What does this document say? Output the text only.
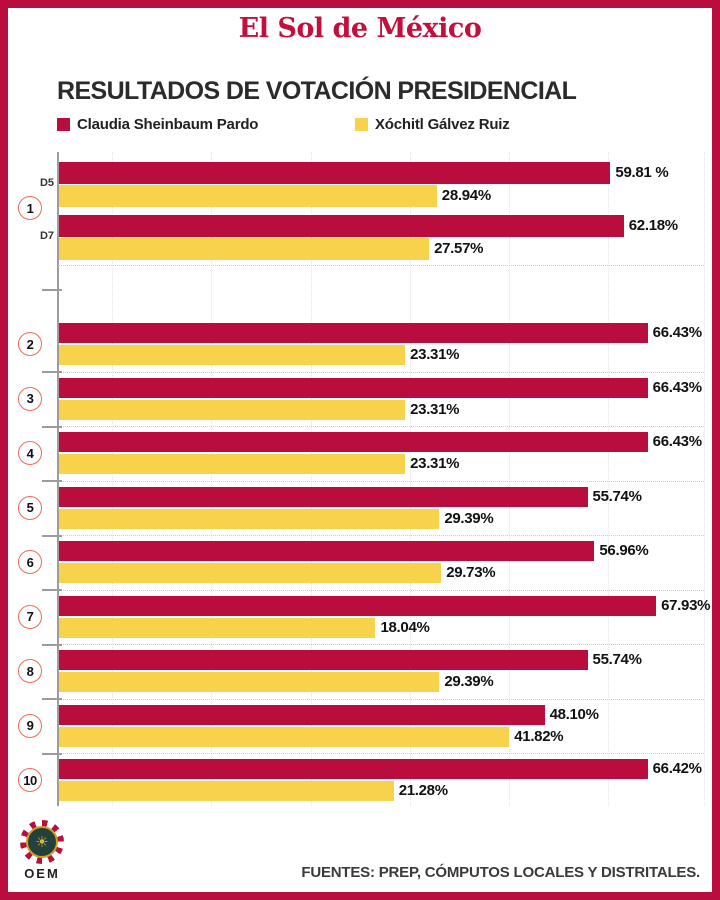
El Sol de México
RESULTADOS DE VOTACIÓN PRESIDENCIAL
Claudia Sheinbaum Pardo	Xóchitl Gálvez Ruiz
1
59.81 %
28.94%
D5
62.18%
27.57%
D7
2
66.43%
23.31%
3
66.43%
23.31%
4
66.43%
23.31%
5
55.74%
29.39%
6
56.96%
29.73%
7
67.93%
18.04%
8
55.74%
29.39%
9
48.10%
41.82%
10
66.42%
21.28%
☀
OEM	FUENTES: PREP, CÓMPUTOS LOCALES Y DISTRITALES.
